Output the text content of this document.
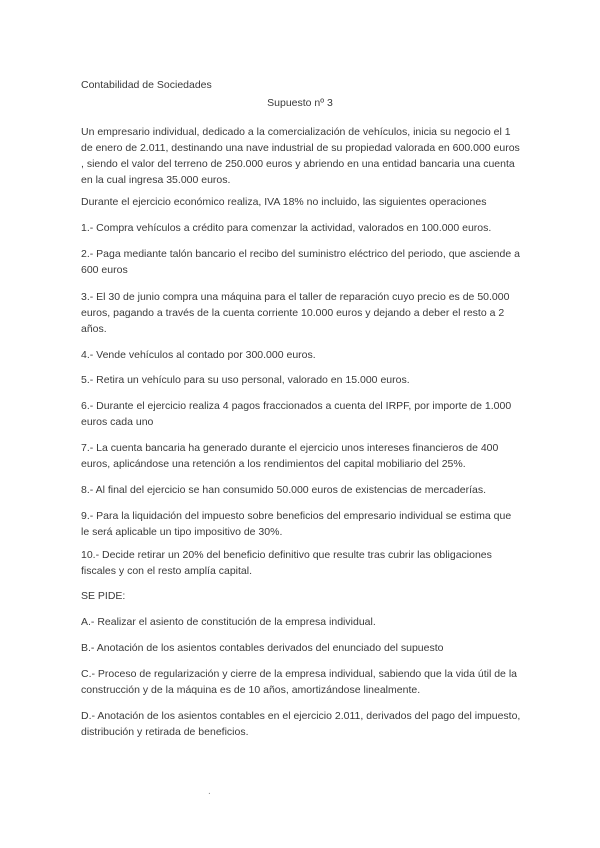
Contabilidad de Sociedades
Supuesto nº 3
Un empresario individual, dedicado a la comercialización de vehículos, inicia su negocio el 1 de enero de 2.011, destinando una nave industrial de su propiedad valorada en 600.000 euros , siendo el valor del terreno de 250.000 euros y abriendo en una entidad bancaria una cuenta en la cual ingresa 35.000 euros.
Durante el ejercicio económico realiza, IVA 18% no incluido, las siguientes operaciones
1.- Compra vehículos a crédito para comenzar la actividad, valorados en 100.000 euros.
2.- Paga mediante talón bancario el recibo del suministro eléctrico del periodo, que asciende a 600 euros
3.- El 30 de junio compra una máquina para el taller de reparación cuyo precio es de 50.000 euros, pagando a través de la cuenta corriente 10.000 euros y dejando a deber el resto a 2 años.
4.- Vende vehículos al contado por 300.000 euros.
5.- Retira un vehículo para su uso personal, valorado en 15.000 euros.
6.- Durante el ejercicio realiza 4 pagos fraccionados a cuenta del IRPF, por importe de 1.000 euros cada uno
7.- La cuenta bancaria ha generado durante el ejercicio unos intereses financieros de 400 euros, aplicándose una retención a los rendimientos del capital mobiliario del 25%.
8.- Al final del ejercicio se han consumido 50.000 euros de existencias de mercaderías.
9.- Para la liquidación del impuesto sobre beneficios del empresario individual se estima que le será aplicable un tipo impositivo de 30%.
10.- Decide retirar un 20% del beneficio definitivo que resulte tras cubrir las obligaciones fiscales y con el resto amplía capital.
SE PIDE:
A.- Realizar el asiento de constitución de la empresa individual.
B.- Anotación de los asientos contables derivados del enunciado del supuesto
C.- Proceso de regularización y cierre de la empresa individual, sabiendo que la vida útil de la construcción y de la máquina es de 10 años, amortizándose linealmente.
D.- Anotación de los asientos contables en el ejercicio 2.011, derivados del pago del impuesto, distribución y retirada de beneficios.
.
